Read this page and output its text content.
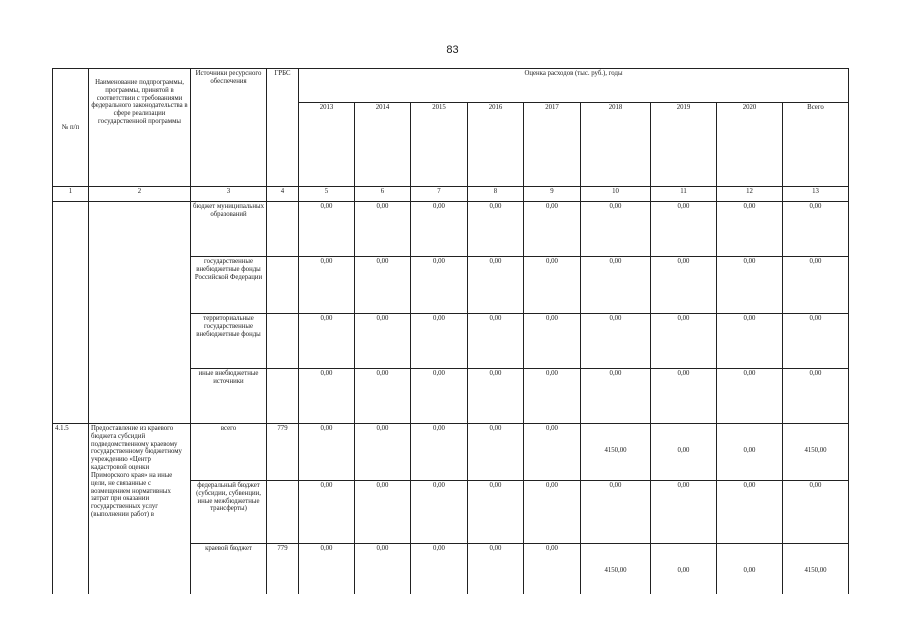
83
№ п/п	Наименование подпрограммы, программы, принятой в соответствии с требованиями федерального законодательства в сфере реализации государственной программы	Источники ресурсного обеспечения	ГРБС	Оценка расходов (тыс. руб.), годы								
				2013	2014	2015	2016	2017	2018	2019	2020	Всего
1	2	3	4	5	6	7	8	9	10	11	12	13
		бюджет муниципальных образований		0,00	0,00	0,00	0,00	0,00	0,00	0,00	0,00	0,00
		государственные внебюджетные фонды Российской Федерации		0,00	0,00	0,00	0,00	0,00	0,00	0,00	0,00	0,00
		территориальные государственные внебюджетные фонды		0,00	0,00	0,00	0,00	0,00	0,00	0,00	0,00	0,00
		иные внебюджетные источники		0,00	0,00	0,00	0,00	0,00	0,00	0,00	0,00	0,00
4.1.5	Предоставление из краевого бюджета субсидий подведомственному краевому государственному бюджетному учреждению «Центр кадастровой оценки Приморского края» на иные цели, не связанные с возмещением нормативных затрат при оказании государственных услуг (выполнении работ) в	всего	779	0,00	0,00	0,00	0,00	0,00	4150,00	0,00	0,00	4150,00

		федеральный бюджет (субсидии, субвенции, иные межбюджетные трансферты)		0,00	0,00	0,00	0,00	0,00	0,00	0,00	0,00	0,00
		краевой бюджет	779	0,00	0,00	0,00	0,00	0,00	4150,00	0,00	0,00	4150,00
